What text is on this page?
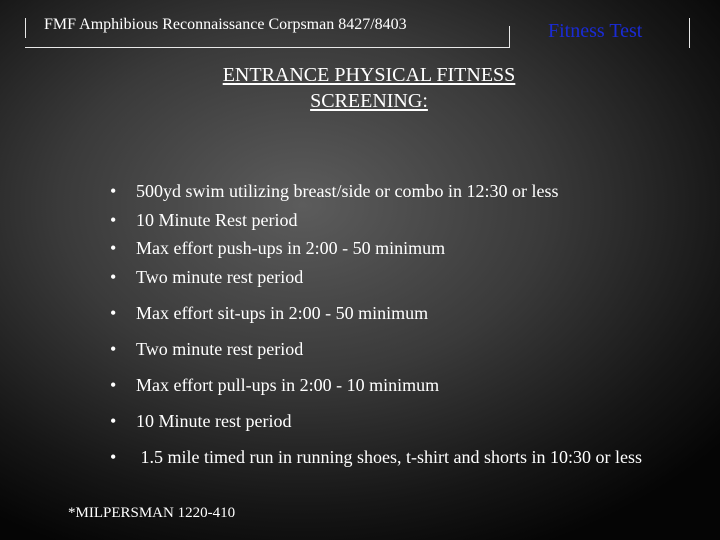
FMF Amphibious Reconnaissance Corpsman 8427/8403	Fitness Test
ENTRANCE PHYSICAL FITNESS
SCREENING:
•	500yd swim utilizing breast/side or combo in 12:30 or less
•	10 Minute Rest period
•	Max effort push-ups in 2:00 - 50 minimum
•	Two minute rest period
•	Max effort sit-ups in 2:00 - 50 minimum
•	Two minute rest period
•	Max effort pull-ups in 2:00 - 10 minimum
•	10 Minute rest period
•	1.5 mile timed run in running shoes, t-shirt and shorts in 10:30 or less
*MILPERSMAN 1220-410
